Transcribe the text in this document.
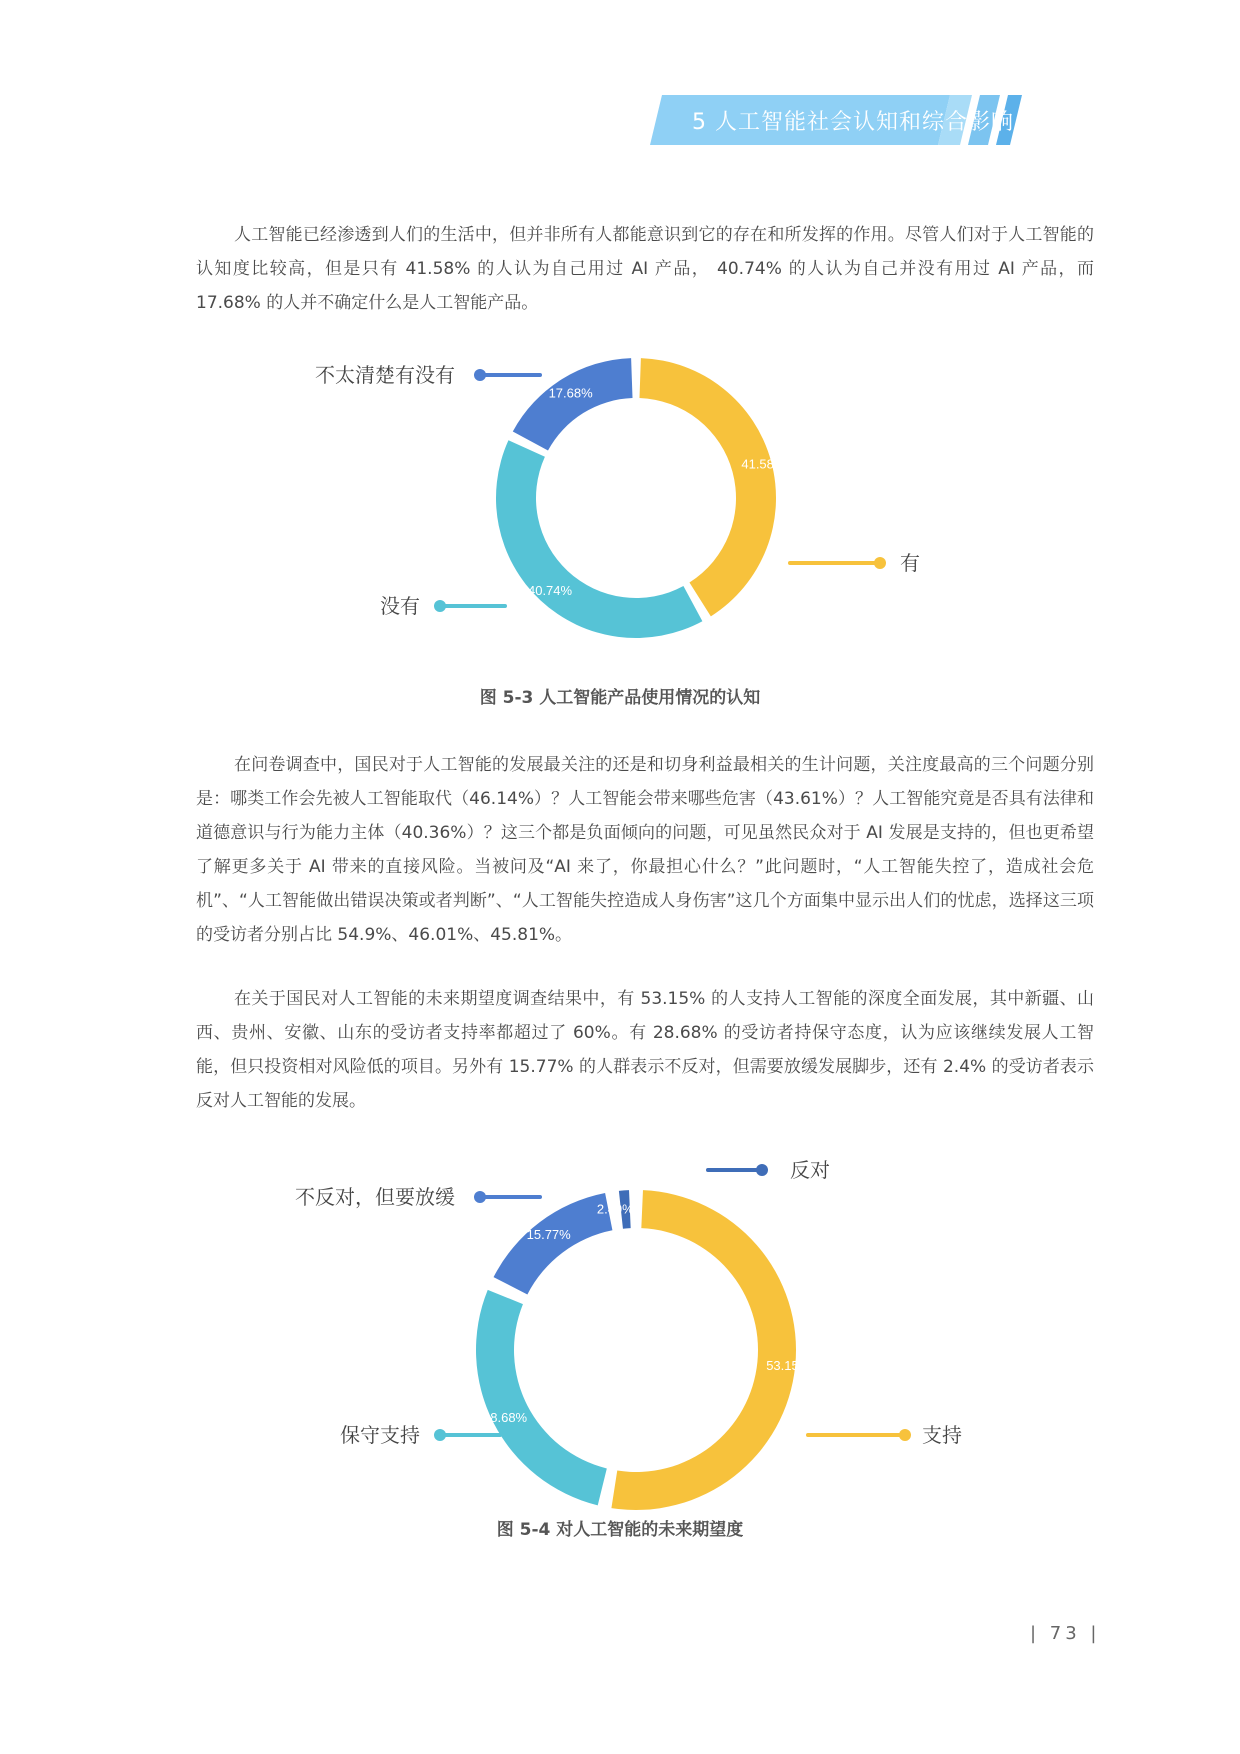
5 人工智能社会认知和综合影响

人工智能已经渗透到人们的生活中，但并非所有人都能意识到它的存在和所发挥的作用。尽管人们对于人工智能的认知度比较高，但是只有 41.58% 的人认为自己用过 AI 产品， 40.74% 的人认为自己并没有用过 AI 产品，而 17.68% 的人并不确定什么是人工智能产品。

41.58%
有
40.74%
没有
17.68%
不太清楚有没有
图 5-3 人工智能产品使用情况的认知

在问卷调查中，国民对于人工智能的发展最关注的还是和切身利益最相关的生计问题，关注度最高的三个问题分别是：哪类工作会先被人工智能取代（46.14%）？人工智能会带来哪些危害（43.61%）？人工智能究竟是否具有法律和道德意识与行为能力主体（40.36%）？这三个都是负面倾向的问题，可见虽然民众对于 AI 发展是支持的，但也更希望了解更多关于 AI 带来的直接风险。当被问及“AI 来了，你最担心什么？”此问题时，“人工智能失控了，造成社会危机”、“人工智能做出错误决策或者判断”、“人工智能失控造成人身伤害”这几个方面集中显示出人们的忧虑，选择这三项的受访者分别占比 54.9%、46.01%、45.81%。

在关于国民对人工智能的未来期望度调查结果中，有 53.15% 的人支持人工智能的深度全面发展，其中新疆、山西、贵州、安徽、山东的受访者支持率都超过了 60%。有 28.68% 的受访者持保守态度，认为应该继续发展人工智能，但只投资相对风险低的项目。另外有 15.77% 的人群表示不反对，但需要放缓发展脚步，还有 2.4% 的受访者表示反对人工智能的发展。

53.15%
支持
28.68%
保守支持
15.77%
不反对，但要放缓
2.40%
反对
图 5-4 对人工智能的未来期望度
| 73 |
